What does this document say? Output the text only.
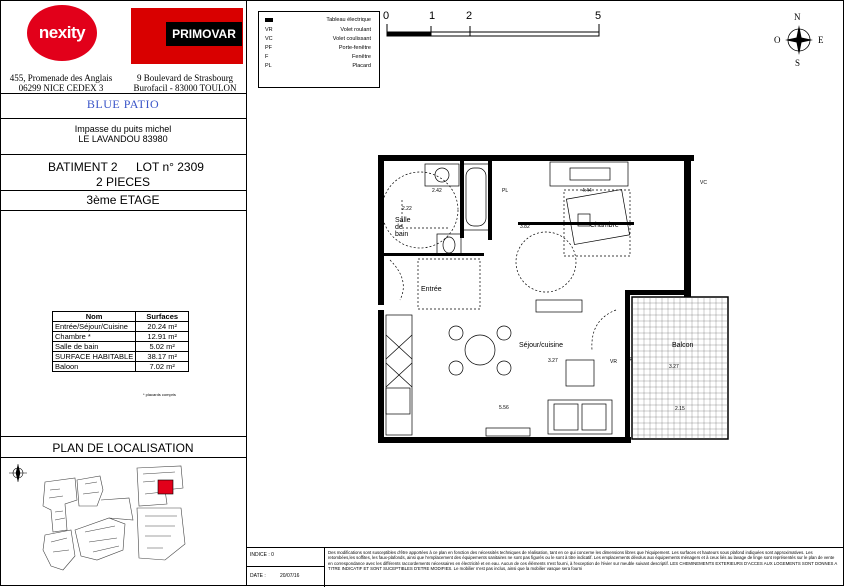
nexity	PRIMOVAR
455, Promenade des Anglais
06299 NICE CEDEX 3
9 Boulevard de Strasbourg
Burofacil - 83000 TOULON
BLUE PATIO
Impasse du puits michel
LE LAVANDOU 83980
BATIMENT 2 LOT n° 2309
2 PIECES
3ème ETAGE
Nom	Surfaces
Entrée/Séjour/Cuisine	20.24 m²
Chambre *	12.91 m²
Salle de bain	5.02 m²
SURFACE HABITABLE	38.17 m²
Baloon	7.02 m²
* placards compris
PLAN DE LOCALISATION
Tableau électrique
VR	Volet roulant
VC	Volet coulissant
PF	Porte-fenêtre
F	Fenêtre
PL	Placard
0	1	2	5	N
O	E
S
Salle de bain
Chambre
Entrée
Séjour/cuisine	Balcon
2.42	4.44
2.22
3.82
3.27
5.56	2.15
3.27
PL
VC
VR PF
INDICE : 0
DATE :	20/07/16
Des modifications sont susceptibles d'être apportées à ce plan en fonction des nécessités techniques de réalisation, tant en ce qui concerne les dimensions libres que l'équipement. Les surfaces et hauteurs sous plafond indiquées sont approximatives. Les retombées,les soffites, les faux-plafonds, ainsi que l'emplacement des équipements sanitaires ne sont pas figurés ou le sont à titre indicatif. Les emplacements dévolus aux équipements ménagers et à ceux liés au lavage de linge sont représentés sur le plan de vente en correspondance avec les différents raccordements nécessaires en électricité et en eau. Aucun de ces éléments n'est fourni, à l'exception de l'évier sur meuble suivant descriptif. LES CHEMINEMENTS EXTERIEURS D'ACCES AUX LOGEMENTS SONT DONNES A TITRE INDICATIF ET SONT SUCEPTIBLES D'ETRE MODIFIES. Le mobilier n'est pas inclus, ainsi que la mobilier vasque sera fourni
